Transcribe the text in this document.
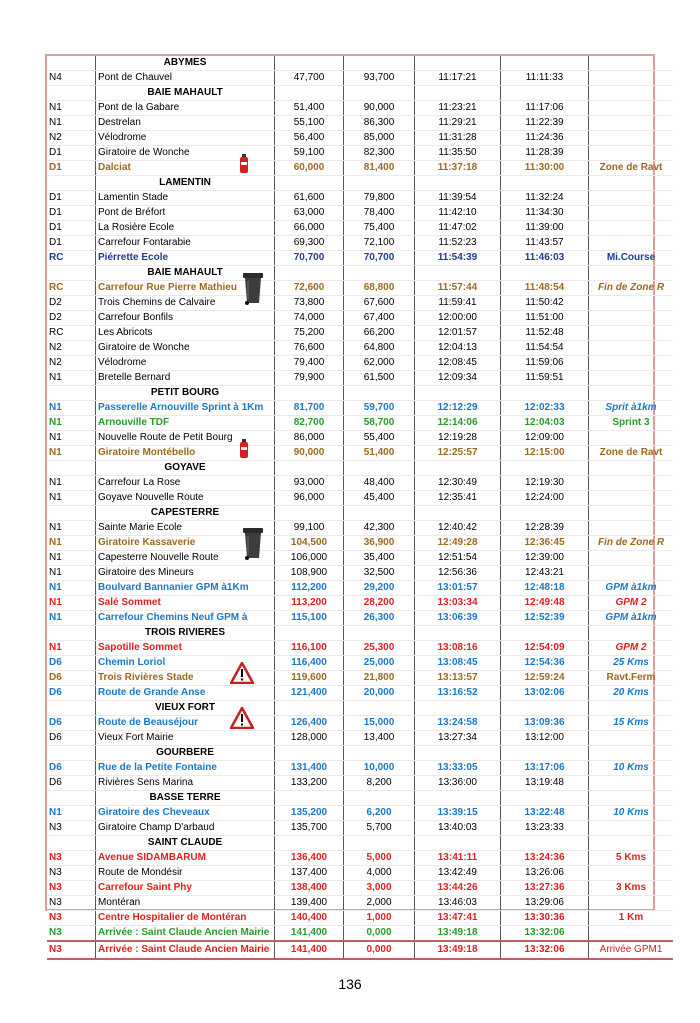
	ABYMES					
N4	Pont de Chauvel	47,700	93,700	11:17:21	11:11:33	
	BAIE MAHAULT					
N1	Pont de la Gabare	51,400	90,000	11:23:21	11:17:06	
N1	Destrelan	55,100	86,300	11:29:21	11:22:39	
N2	Vélodrome	56,400	85,000	11:31:28	11:24:36	
D1	Giratoire de Wonche	59,100	82,300	11:35:50	11:28:39	
D1	Dalciat	60,000	81,400	11:37:18	11:30:00	Zone de Ravt
	LAMENTIN					
D1	Lamentin Stade	61,600	79,800	11:39:54	11:32:24	
D1	Pont de Bréfort	63,000	78,400	11:42:10	11:34:30	
D1	La Rosière Ecole	66,000	75,400	11:47:02	11:39:00	
D1	Carrefour Fontarabie	69,300	72,100	11:52:23	11:43:57	
RC	Piérrette Ecole	70,700	70,700	11:54:39	11:46:03	Mi.Course
	BAIE MAHAULT					
RC	Carrefour Rue Pierre Mathieu	72,600	68,800	11:57:44	11:48:54	Fin de Zone R
D2	Trois Chemins de Calvaire	73,800	67,600	11:59:41	11:50:42	
D2	Carrefour Bonfils	74,000	67,400	12:00:00	11:51:00	
RC	Les Abricots	75,200	66,200	12:01:57	11:52:48	
N2	Giratoire de Wonche	76,600	64,800	12:04:13	11:54:54	
N2	Vélodrome	79,400	62,000	12:08:45	11:59:06	
N1	Bretelle Bernard	79,900	61,500	12:09:34	11:59:51	
	PETIT BOURG					
N1	Passerelle Arnouville Sprint à 1Km	81,700	59,700	12:12:29	12:02:33	Sprit à1km
N1	Arnouville TDF	82,700	58,700	12:14:06	12:04:03	Sprint 3
N1	Nouvelle Route de Petit Bourg	86,000	55,400	12:19:28	12:09:00	
N1	Giratoire Montébello	90,000	51,400	12:25:57	12:15:00	Zone de Ravt
	GOYAVE					
N1	Carrefour La Rose	93,000	48,400	12:30:49	12:19:30	
N1	Goyave Nouvelle Route	96,000	45,400	12:35:41	12:24:00	
	CAPESTERRE					
N1	Sainte Marie Ecole	99,100	42,300	12:40:42	12:28:39	
N1	Giratoire Kassaverie	104,500	36,900	12:49:28	12:36:45	Fin de Zone R
N1	Capesterre Nouvelle Route	106,000	35,400	12:51:54	12:39:00	
N1	Giratoire des Mineurs	108,900	32,500	12:56:36	12:43:21	
N1	Boulvard Bannanier GPM à1Km	112,200	29,200	13:01:57	12:48:18	GPM à1km
N1	Salé Sommet	113,200	28,200	13:03:34	12:49:48	GPM 2
N1	Carrefour Chemins Neuf GPM à	115,100	26,300	13:06:39	12:52:39	GPM à1km
	TROIS RIVIERES					
N1	Sapotille Sommet	116,100	25,300	13:08:16	12:54:09	GPM 2
D6	Chemin Loriol	116,400	25,000	13:08:45	12:54:36	25 Kms
D6	Trois Rivières Stade	119,600	21,800	13:13:57	12:59:24	Ravt.Ferm
D6	Route de Grande Anse	121,400	20,000	13:16:52	13:02:06	20 Kms
	VIEUX FORT					
D6	Route de Beauséjour	126,400	15,000	13:24:58	13:09:36	15 Kms
D6	Vieux Fort Mairie	128,000	13,400	13:27:34	13:12:00	
	GOURBERE					
D6	Rue de la Petite Fontaine	131,400	10,000	13:33:05	13:17:06	10 Kms
D6	Rivières Sens Marina	133,200	8,200	13:36:00	13:19:48	
	BASSE TERRE					
N1	Giratoire des Cheveaux	135,200	6,200	13:39:15	13:22:48	10 Kms
N3	Giratoire Champ D'arbaud	135,700	5,700	13:40:03	13:23:33	
	SAINT CLAUDE					
N3	Avenue SIDAMBARUM	136,400	5,000	13:41:11	13:24:36	5 Kms
N3	Route de Mondésir	137,400	4,000	13:42:49	13:26:06	
N3	Carrefour Saint Phy	138,400	3,000	13:44:26	13:27:36	3 Kms
N3	Montéran	139,400	2,000	13:46:03	13:29:06	
N3	Centre Hospitalier de Montéran	140,400	1,000	13:47:41	13:30:36	1 Km
N3	Arrivée : Saint Claude Ancien Mairie	141,400	0,000	13:49:18	13:32:06	
N3	Arrivée : Saint Claude Ancien Mairie	141,400	0,000	13:49:18	13:32:06	Arrivée GPM1
136
